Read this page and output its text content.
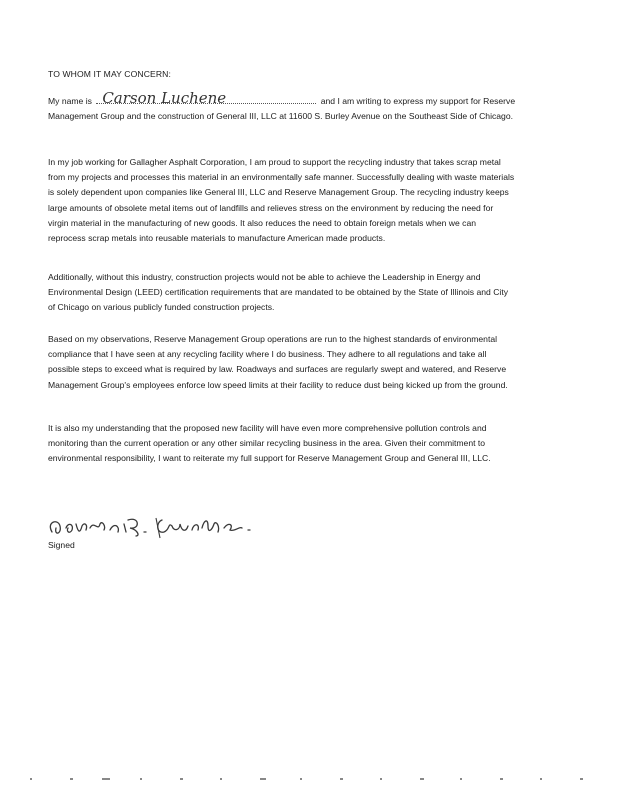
TO WHOM IT MAY CONCERN:
My name is Carson Luchene	and I am writing to express my support for Reserve Management Group and the construction of General III, LLC at 11600 S. Burley Avenue on the Southeast Side of Chicago.
In my job working for Gallagher Asphalt Corporation, I am proud to support the recycling industry that takes scrap metal from my projects and processes this material in an environmentally safe manner. Successfully dealing with waste materials is solely dependent upon companies like General III, LLC and Reserve Management Group. The recycling industry keeps large amounts of obsolete metal items out of landfills and relieves stress on the environment by reducing the need for virgin material in the manufacturing of new goods. It also reduces the need to obtain foreign metals when we can reprocess scrap metals into reusable materials to manufacture American made products.
Additionally, without this industry, construction projects would not be able to achieve the Leadership in Energy and Environmental Design (LEED) certification requirements that are mandated to be obtained by the State of Illinois and City of Chicago on various publicly funded construction projects.
Based on my observations, Reserve Management Group operations are run to the highest standards of environmental compliance that I have seen at any recycling facility where I do business. They adhere to all regulations and take all possible steps to exceed what is required by law. Roadways and surfaces are regularly swept and watered, and Reserve Management Group's employees enforce low speed limits at their facility to reduce dust being kicked up from the ground.
It is also my understanding that the proposed new facility will have even more comprehensive pollution controls and monitoring than the current operation or any other similar recycling business in the area. Given their commitment to environmental responsibility, I want to reiterate my full support for Reserve Management Group and General III, LLC.
Signed
